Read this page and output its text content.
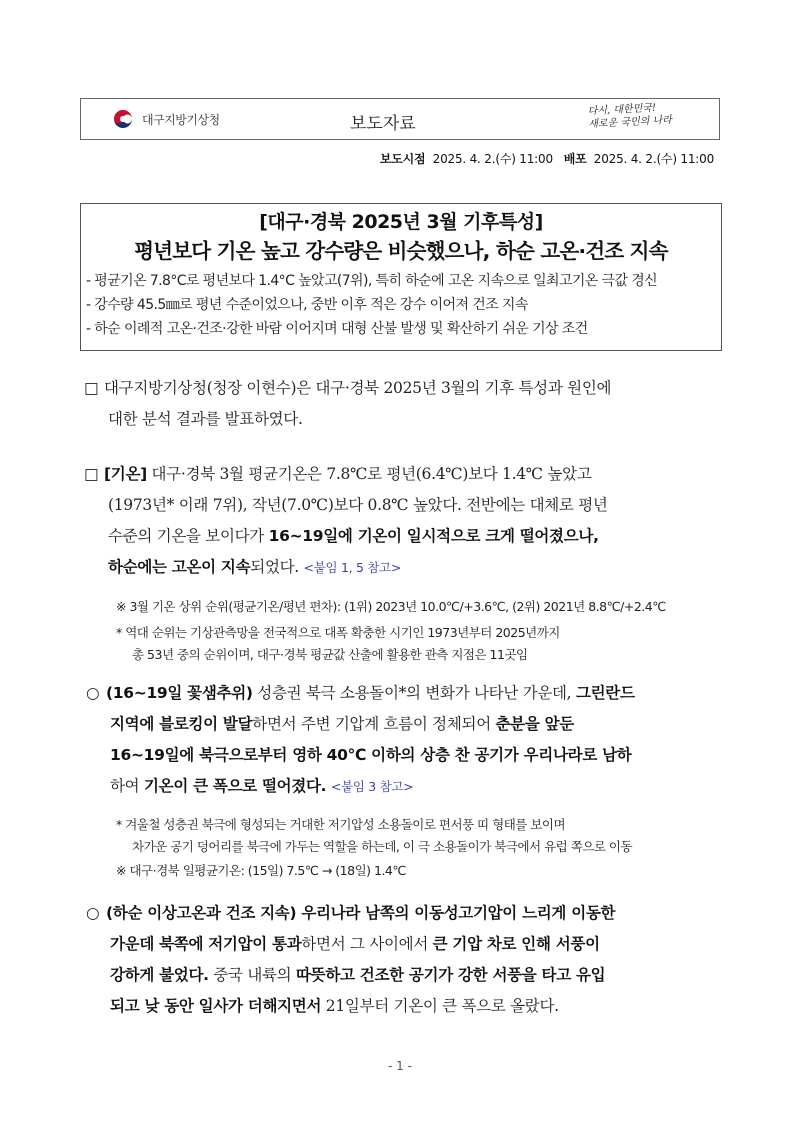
대구지방기상청	보도자료
다시, 대한민국!
새로운 국민의 나라
보도시점 2025. 4. 2.(수) 11:00 배포 2025. 4. 2.(수) 11:00
[대구·경북 2025년 3월 기후특성]
평년보다 기온 높고 강수량은 비슷했으나, 하순 고온·건조 지속
- 평균기온 7.8°C로 평년보다 1.4°C 높았고(7위), 특히 하순에 고온 지속으로 일최고기온 극값 경신
- 강수량 45.5㎜로 평년 수준이었으나, 중반 이후 적은 강수 이어져 건조 지속
- 하순 이례적 고온·건조·강한 바람 이어지며 대형 산불 발생 및 확산하기 쉬운 기상 조건
□ 대구지방기상청(청장 이현수)은 대구·경북 2025년 3월의 기후 특성과 원인에
대한 분석 결과를 발표하였다.
□ [기온] 대구·경북 3월 평균기온은 7.8℃로 평년(6.4℃)보다 1.4℃ 높았고
(1973년* 이래 7위), 작년(7.0℃)보다 0.8℃ 높았다. 전반에는 대체로 평년
수준의 기온을 보이다가 16~19일에 기온이 일시적으로 크게 떨어졌으나,
하순에는 고온이 지속되었다. <붙임 1, 5 참고>
※ 3월 기온 상위 순위(평균기온/평년 편차): (1위) 2023년 10.0℃/+3.6℃, (2위) 2021년 8.8℃/+2.4℃
* 역대 순위는 기상관측망을 전국적으로 대폭 확충한 시기인 1973년부터 2025년까지
총 53년 중의 순위이며, 대구·경북 평균값 산출에 활용한 관측 지점은 11곳임
○ (16~19일 꽃샘추위) 성층권 북극 소용돌이*의 변화가 나타난 가운데, 그린란드
지역에 블로킹이 발달하면서 주변 기압계 흐름이 정체되어 춘분을 앞둔
16~19일에 북극으로부터 영하 40℃ 이하의 상층 찬 공기가 우리나라로 남하
하여 기온이 큰 폭으로 떨어졌다. <붙임 3 참고>
* 겨울철 성층권 북극에 형성되는 거대한 저기압성 소용돌이로 편서풍 띠 형태를 보이며
차가운 공기 덩어리를 북극에 가두는 역할을 하는데, 이 극 소용돌이가 북극에서 유럽 쪽으로 이동
※ 대구·경북 일평균기온: (15일) 7.5℃ → (18일) 1.4℃
○ (하순 이상고온과 건조 지속) 우리나라 남쪽의 이동성고기압이 느리게 이동한
가운데 북쪽에 저기압이 통과하면서 그 사이에서 큰 기압 차로 인해 서풍이
강하게 불었다. 중국 내륙의 따뜻하고 건조한 공기가 강한 서풍을 타고 유입
되고 낮 동안 일사가 더해지면서 21일부터 기온이 큰 폭으로 올랐다.
- 1 -
